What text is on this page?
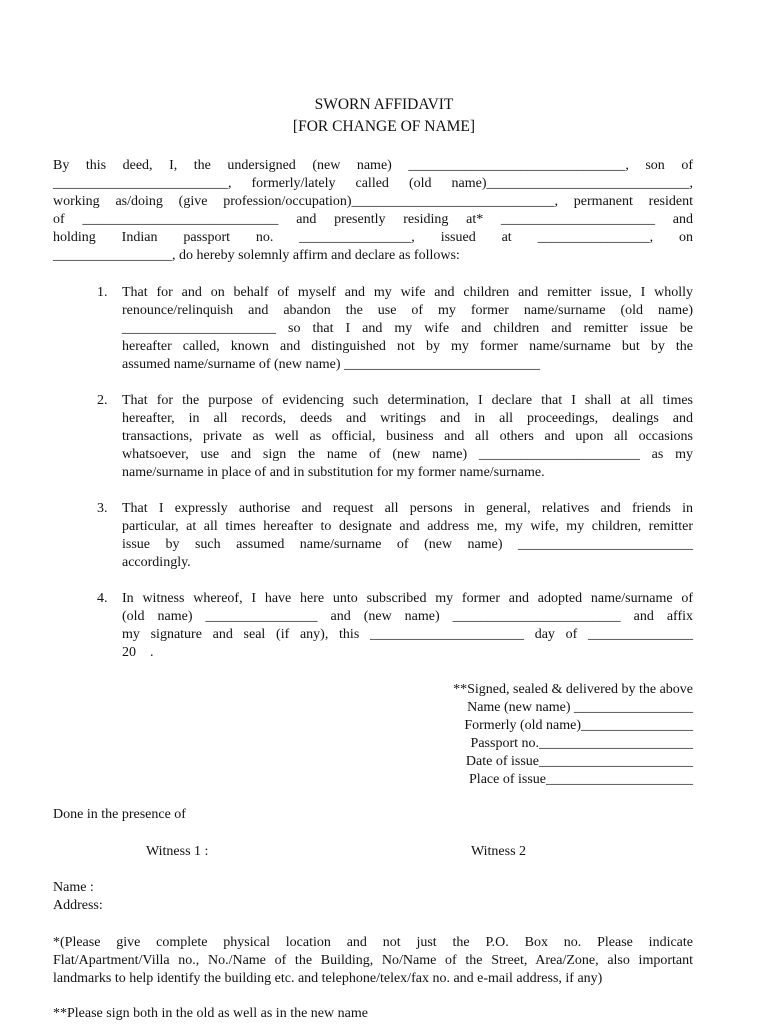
SWORN AFFIDAVIT
[FOR CHANGE OF NAME]
By this deed, I, the undersigned (new name) _______________________________, son of
_________________________, formerly/lately called (old name)_____________________________,
working as/doing (give profession/occupation)_____________________________, permanent resident
of ____________________________ and presently residing at* ______________________ and
holding Indian passport no. ________________, issued at ________________, on
_________________, do hereby solemnly affirm and declare as follows:
1.	That for and on behalf of myself and my wife and children and remitter issue, I wholly
renounce/relinquish and abandon the use of my former name/surname (old name)
______________________ so that I and my wife and children and remitter issue be
hereafter called, known and distinguished not by my former name/surname but by the
assumed name/surname of (new name) ____________________________
2.	That for the purpose of evidencing such determination, I declare that I shall at all times
hereafter, in all records, deeds and writings and in all proceedings, dealings and
transactions, private as well as official, business and all others and upon all occasions
whatsoever, use and sign the name of (new name) _______________________ as my
name/surname in place of and in substitution for my former name/surname.
3.	That I expressly authorise and request all persons in general, relatives and friends in
particular, at all times hereafter to designate and address me, my wife, my children, remitter
issue by such assumed name/surname of (new name) _________________________
accordingly.
4.	In witness whereof, I have here unto subscribed my former and adopted name/surname of
(old name) ________________ and (new name) ________________________ and affix
my signature and seal (if any), this ______________________ day of _______________
20    .
**Signed, sealed & delivered by the above
Name (new name) _________________
Formerly (old name)________________
Passport no.______________________
Date of issue______________________
Place of issue_____________________
Done in the presence of
Witness 1 :	Witness 2
Name :
Address:
*(Please give complete physical location and not just the P.O. Box no. Please indicate
Flat/Apartment/Villa no., No./Name of the Building, No/Name of the Street, Area/Zone, also important
landmarks to help identify the building etc. and telephone/telex/fax no. and e-mail address, if any)
**Please sign both in the old as well as in the new name
